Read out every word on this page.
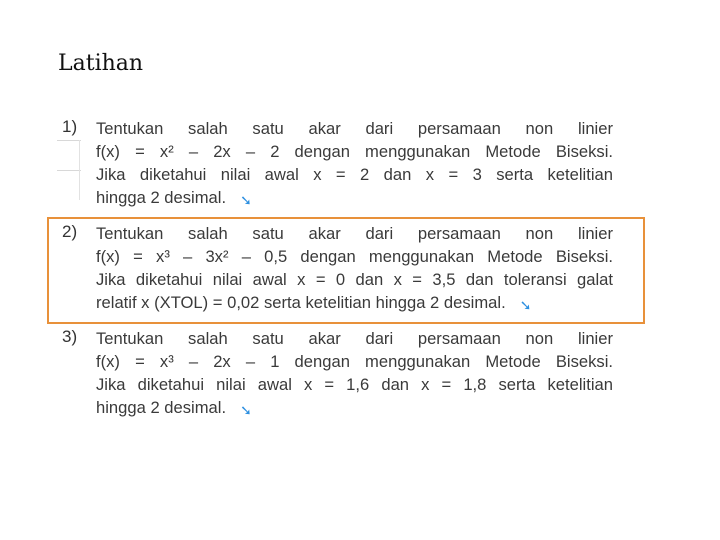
Latihan
1) Tentukan salah satu akar dari persamaan non linier
f(x) = x² – 2x – 2 dengan menggunakan Metode Biseksi.
Jika diketahui nilai awal x = 2 dan x = 3 serta ketelitian
hingga 2 desimal. ➘
2) Tentukan salah satu akar dari persamaan non linier
f(x) = x³ – 3x² – 0,5 dengan menggunakan Metode Biseksi.
Jika diketahui nilai awal x = 0 dan x = 3,5 dan toleransi galat
relatif x (XTOL) = 0,02 serta ketelitian hingga 2 desimal. ➘
3) Tentukan salah satu akar dari persamaan non linier
f(x) = x³ – 2x – 1 dengan menggunakan Metode Biseksi.
Jika diketahui nilai awal x = 1,6 dan x = 1,8 serta ketelitian
hingga 2 desimal. ➘
